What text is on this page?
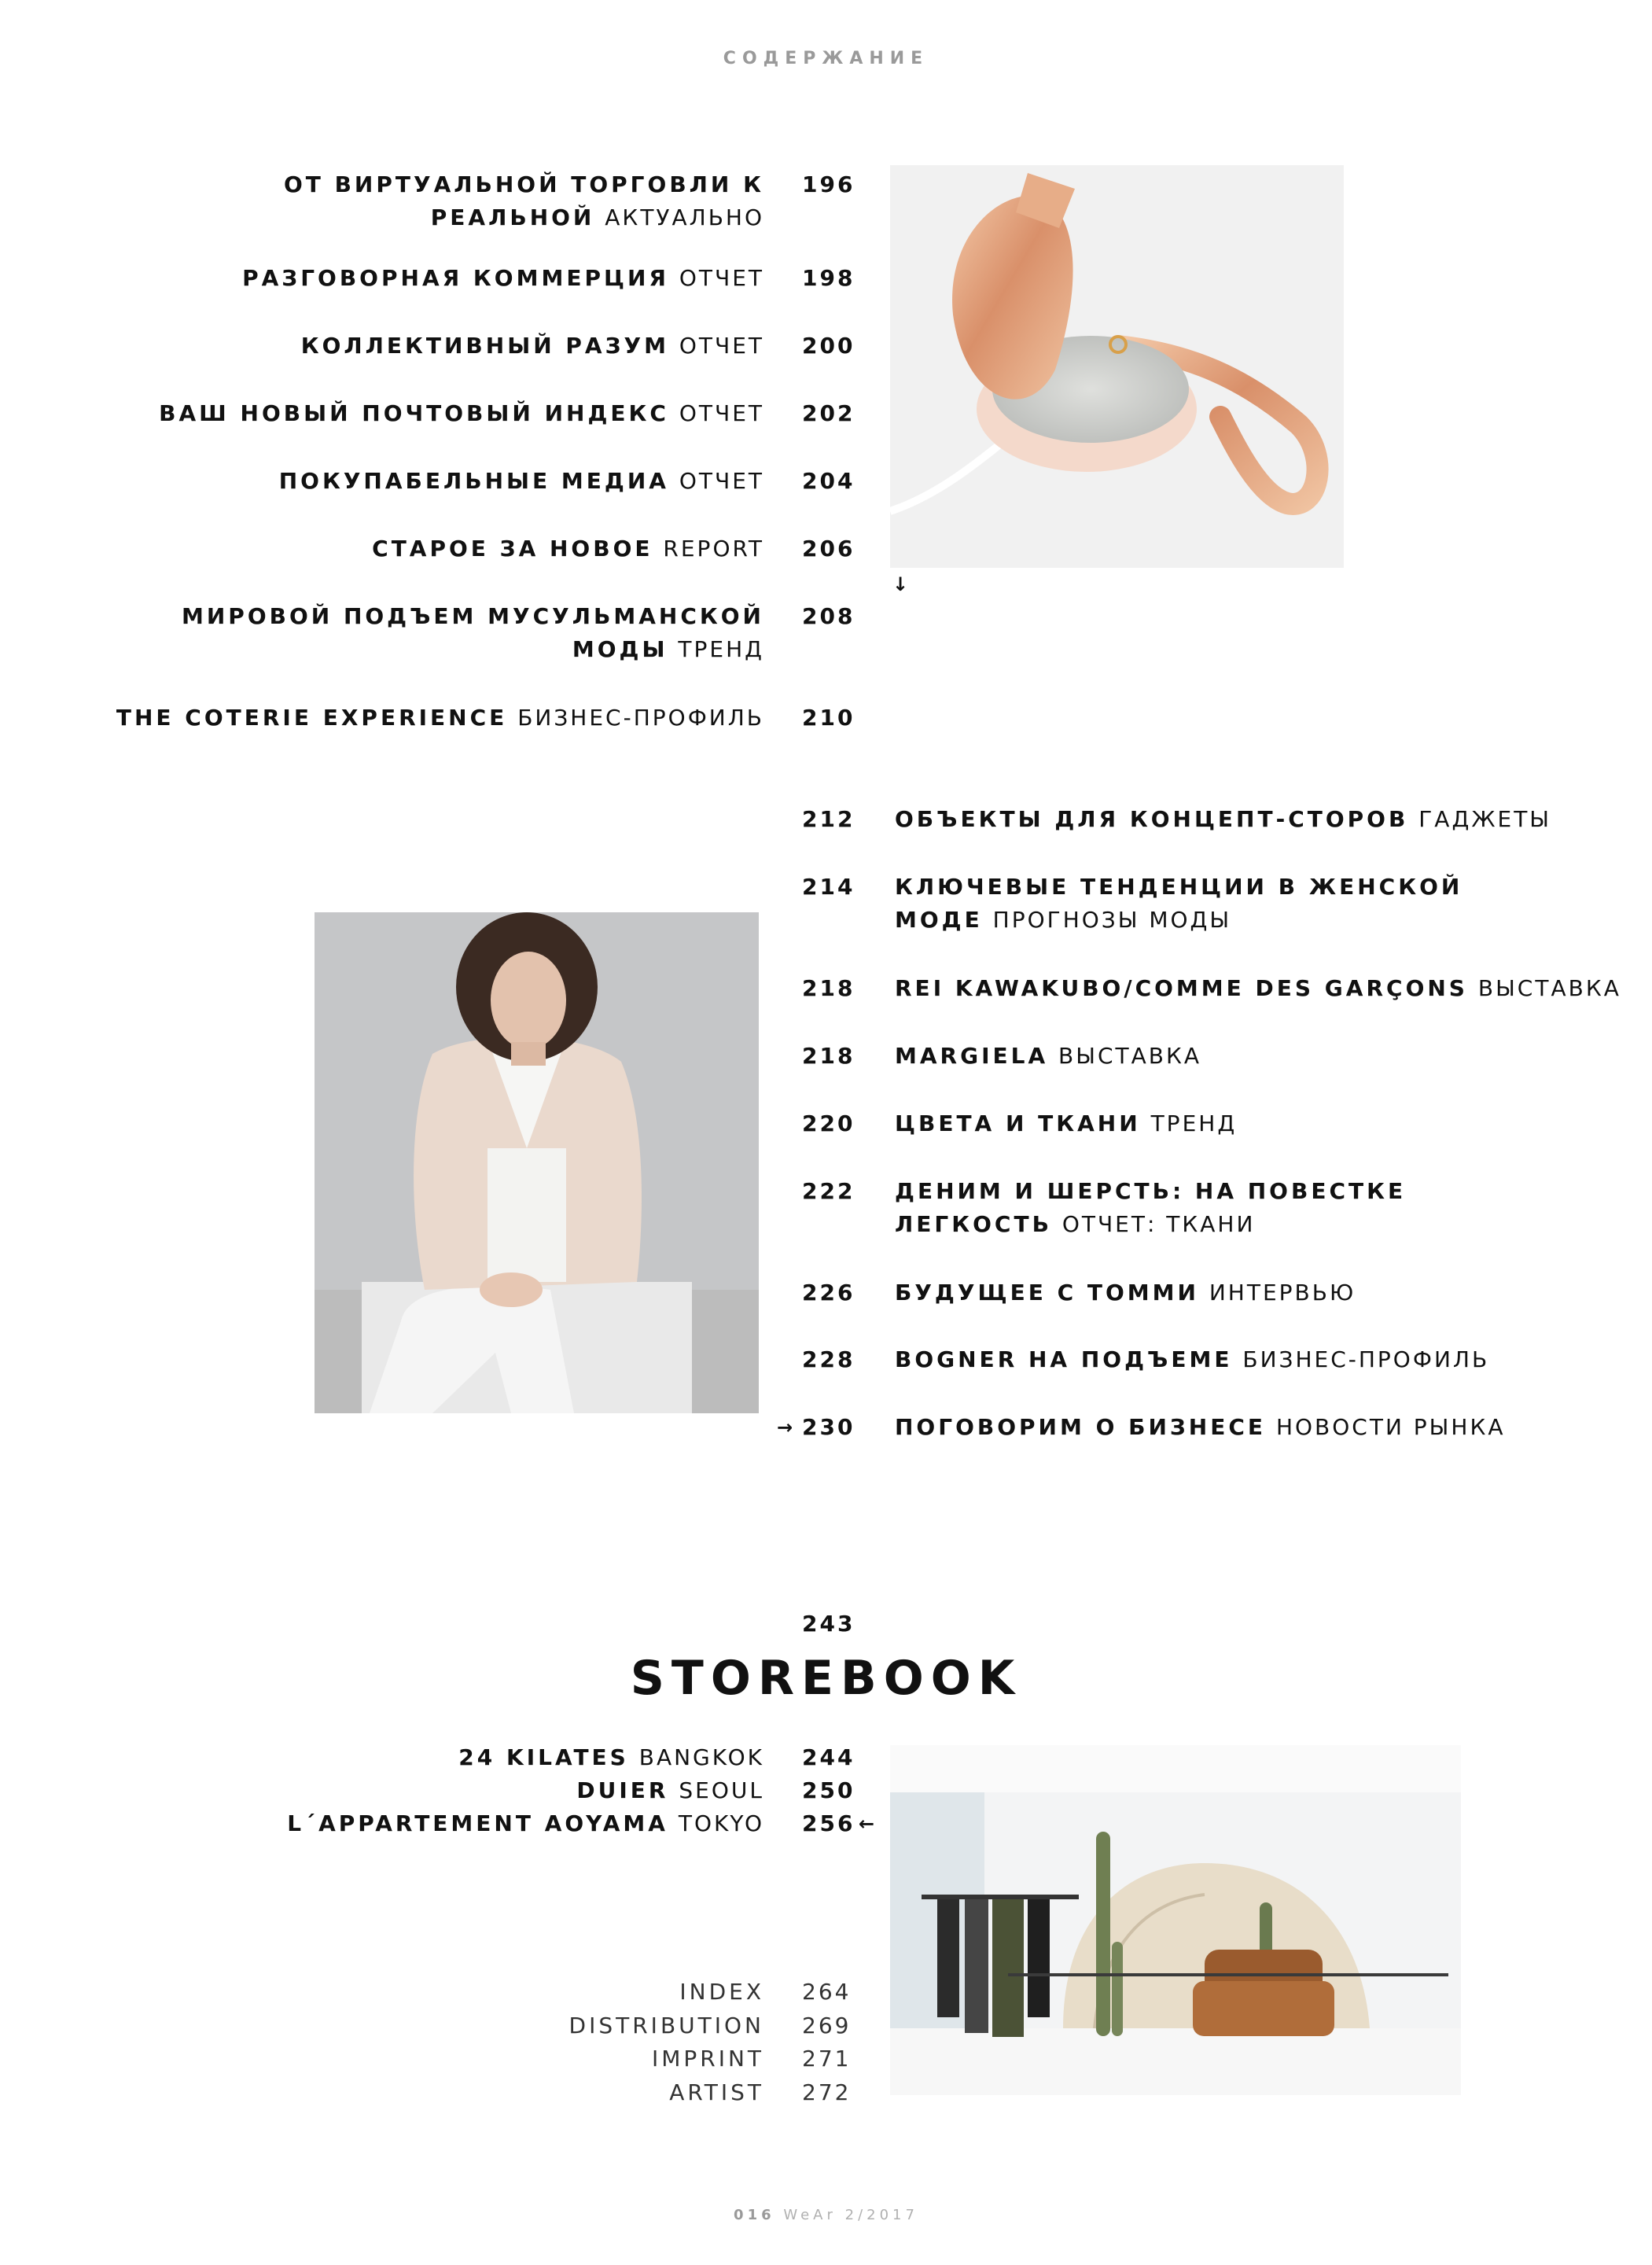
СОДЕРЖАНИЕ
ОТ ВИРТУАЛЬНОЙ ТОРГОВЛИ К
РЕАЛЬНОЙ АКТУАЛЬНО
196
РАЗГОВОРНАЯ КОММЕРЦИЯ ОТЧЕТ 198
КОЛЛЕКТИВНЫЙ РАЗУМ ОТЧЕТ 200
ВАШ НОВЫЙ ПОЧТОВЫЙ ИНДЕКС ОТЧЕТ 202
ПОКУПАБЕЛЬНЫЕ МЕДИА ОТЧЕТ 204
СТАРОЕ ЗА НОВОЕ REPORT 206
МИРОВОЙ ПОДЪЕМ МУСУЛЬМАНСКОЙ
МОДЫ ТРЕНД
208
THE COTERIE EXPERIENCE БИЗНЕС-ПРОФИЛЬ 210
212 ОБЪЕКТЫ ДЛЯ КОНЦЕПТ-СТОРОВ ГАДЖЕТЫ
214 КЛЮЧЕВЫЕ ТЕНДЕНЦИИ В ЖЕНСКОЙ
МОДЕ ПРОГНОЗЫ МОДЫ
218 REI KAWAKUBO/COMME DES GARÇONS ВЫСТАВКА
218 MARGIELA ВЫСТАВКА
220 ЦВЕТА И ТКАНИ ТРЕНД
222 ДЕНИМ И ШЕРСТЬ: НА ПОВЕСТКЕ
ЛЕГКОСТЬ ОТЧЕТ: ТКАНИ
226 БУДУЩЕЕ С ТОММИ ИНТЕРВЬЮ
228 BOGNER НА ПОДЪЕМЕ БИЗНЕС-ПРОФИЛЬ
230 ПОГОВОРИМ О БИЗНЕСЕ НОВОСТИ РЫНКА
→
↓
243
STOREBOOK
24 KILATES BANGKOK 244
DUIER SEOUL 250
L´APPARTEMENT AOYAMA TOKYO 256 ←
INDEX 264
DISTRIBUTION 269
IMPRINT 271
ARTIST 272
016 WeAr 2/2017
